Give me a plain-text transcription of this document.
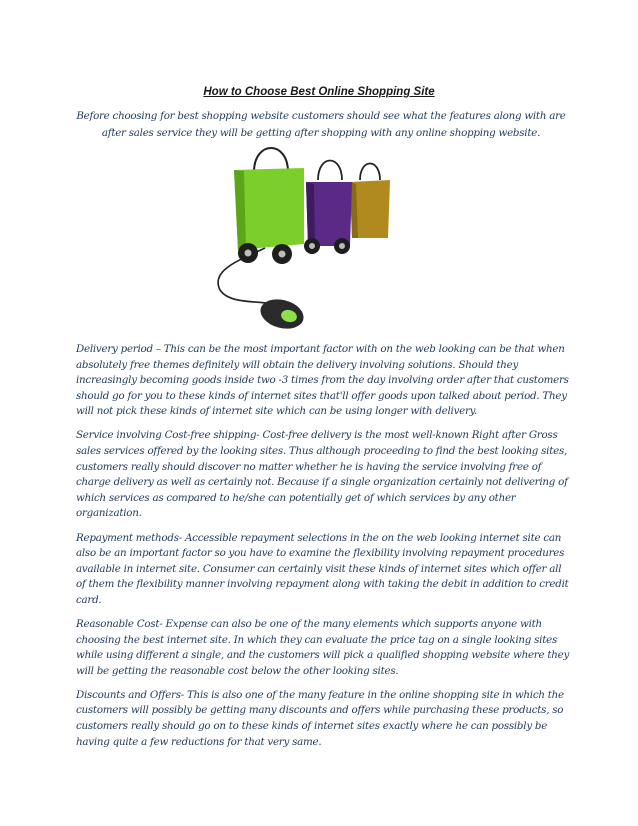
How to Choose Best Online Shopping Site
Before choosing for best shopping website customers should see what the features along with are after sales service they will be getting after shopping with any online shopping website.

Delivery period – This can be the most important factor with on the web looking can be that when absolutely free themes definitely will obtain the delivery involving solutions. Should they increasingly becoming goods inside two -3 times from the day involving order after that customers should go for you to these kinds of internet sites that'll offer goods upon talked about period. They will not pick these kinds of internet site which can be using longer with delivery.

Service involving Cost-free shipping- Cost-free delivery is the most well-known Right after Gross sales services offered by the looking sites. Thus although proceeding to find the best looking sites, customers really should discover no matter whether he is having the service involving free of charge delivery as well as certainly not. Because if a single organization certainly not delivering of which services as compared to he/she can potentially get of which services by any other organization.

Repayment methods- Accessible repayment selections in the on the web looking internet site can also be an important factor so you have to examine the flexibility involving repayment procedures available in internet site. Consumer can certainly visit these kinds of internet sites which offer all of them the flexibility manner involving repayment along with taking the debit in addition to credit card.

Reasonable Cost- Expense can also be one of the many elements which supports anyone with choosing the best internet site. In which they can evaluate the price tag on a single looking sites while using different a single, and the customers will pick a qualified shopping website where they will be getting the reasonable cost below the other looking sites.

Discounts and Offers- This is also one of the many feature in the online shopping site in which the customers will possibly be getting many discounts and offers while purchasing these products, so customers really should go on to these kinds of internet sites exactly where he can possibly be having quite a few reductions for that very same.
